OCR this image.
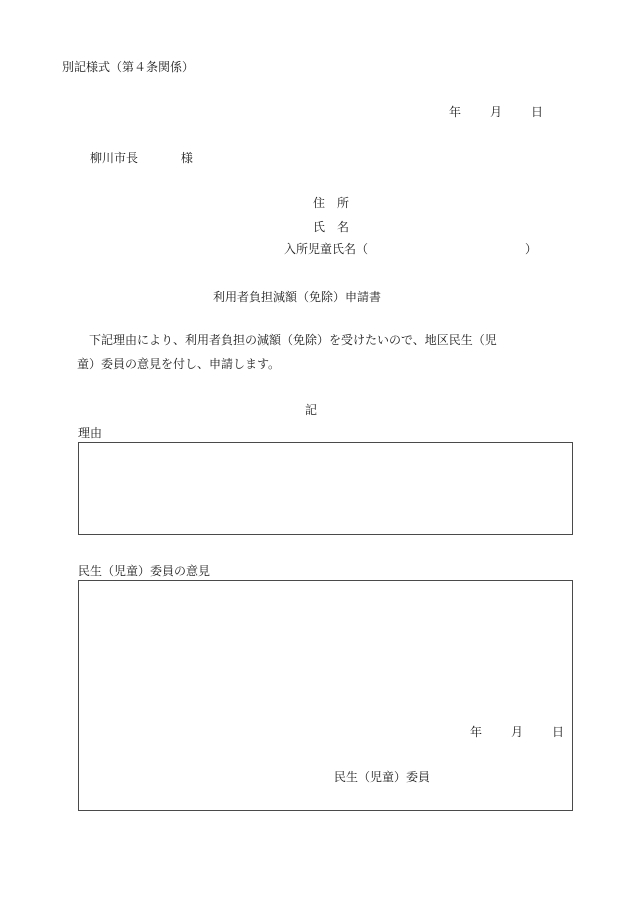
別記様式（第４条関係）
年 月 日
柳川市長	様
住　所
氏　名
入所児童氏名（	）
利用者負担減額（免除）申請書
　下記理由により、利用者負担の減額（免除）を受けたいので、地区民生（児
童）委員の意見を付し、申請します。
記
理由
民生（児童）委員の意見
年 月 日
民生（児童）委員
